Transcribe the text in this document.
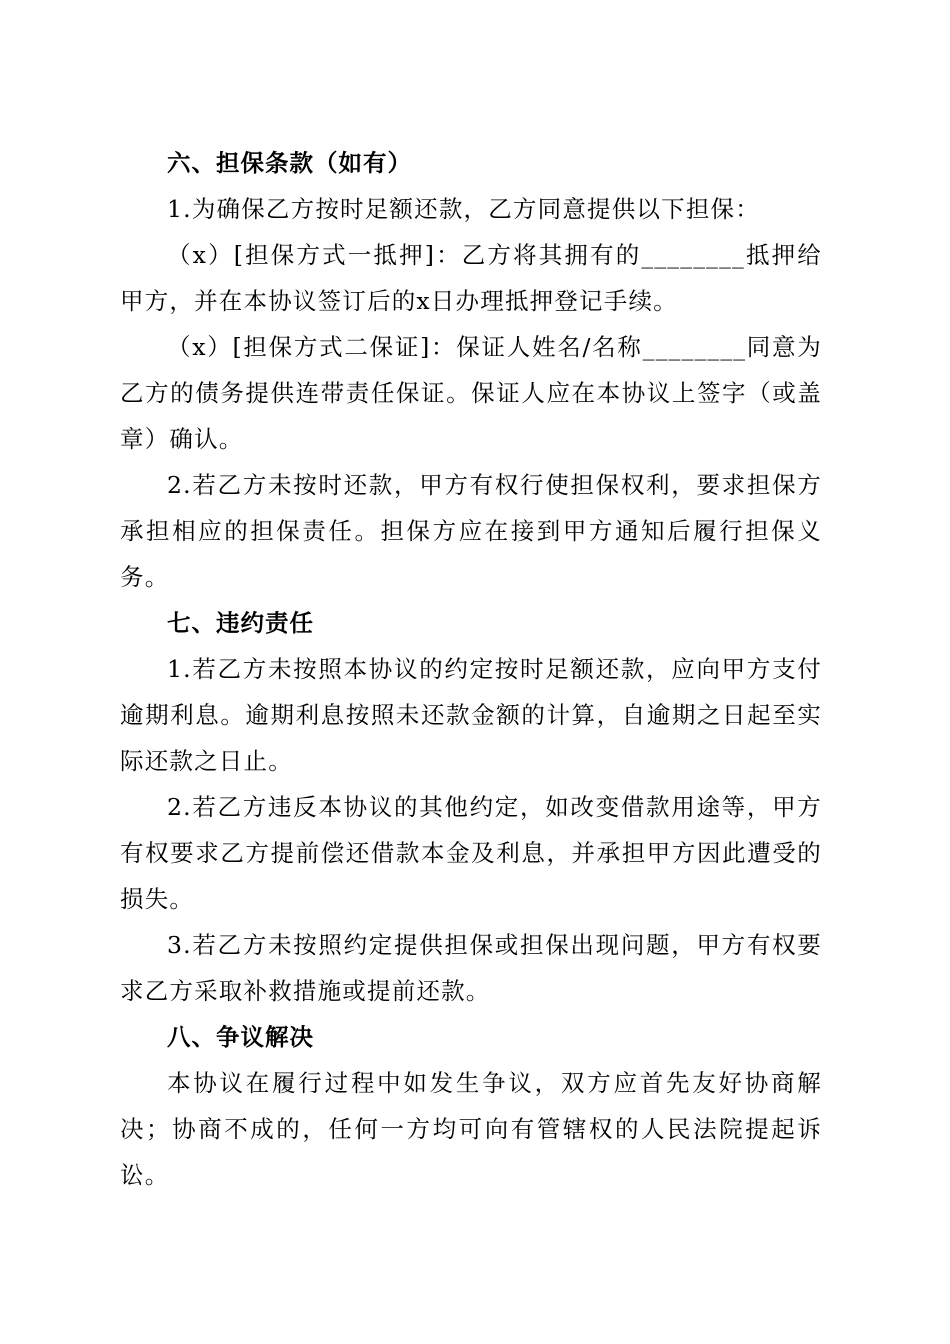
六、担保条款（如有）

1.为确保乙方按时足额还款，乙方同意提供以下担保：

（x）[担保方式一抵押]：乙方将其拥有的________抵押给甲方，并在本协议签订后的x日办理抵押登记手续。

（x）[担保方式二保证]：保证人姓名/名称________同意为乙方的债务提供连带责任保证。保证人应在本协议上签字（或盖章）确认。

2.若乙方未按时还款，甲方有权行使担保权利，要求担保方承担相应的担保责任。担保方应在接到甲方通知后履行担保义务。

七、违约责任

1.若乙方未按照本协议的约定按时足额还款，应向甲方支付逾期利息。逾期利息按照未还款金额的计算，自逾期之日起至实际还款之日止。

2.若乙方违反本协议的其他约定，如改变借款用途等，甲方有权要求乙方提前偿还借款本金及利息，并承担甲方因此遭受的损失。

3.若乙方未按照约定提供担保或担保出现问题，甲方有权要求乙方采取补救措施或提前还款。

八、争议解决

本协议在履行过程中如发生争议，双方应首先友好协商解决；协商不成的，任何一方均可向有管辖权的人民法院提起诉讼。
